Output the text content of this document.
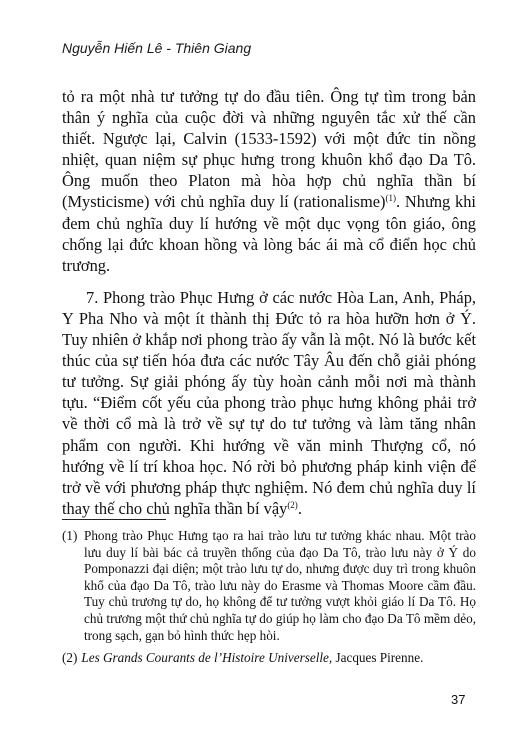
Nguyễn Hiến Lê - Thiên Giang

tỏ ra một nhà tư tưởng tự do đầu tiên. Ông tự tìm trong bản thân ý nghĩa của cuộc đời và những nguyên tắc xử thế cần thiết. Ngược lại, Calvin (1533-1592) với một đức tin nồng nhiệt, quan niệm sự phục hưng trong khuôn khổ đạo Da Tô. Ông muốn theo Platon mà hòa hợp chủ nghĩa thần bí (Mysticisme) với chủ nghĩa duy lí (rationalisme)$^{(1)}$. Nhưng khi đem chủ nghĩa duy lí hướng về một dục vọng tôn giáo, ông chống lại đức khoan hồng và lòng bác ái mà cổ điển học chủ trương.

7. Phong trào Phục Hưng ở các nước Hòa Lan, Anh, Pháp, Y Pha Nho và một ít thành thị Đức tỏ ra hòa hưỡn hơn ở Ý. Tuy nhiên ở khắp nơi phong trào ấy vẫn là một. Nó là bước kết thúc của sự tiến hóa đưa các nước Tây Âu đến chỗ giải phóng tư tưởng. Sự giải phóng ấy tùy hoàn cảnh mỗi nơi mà thành tựu. “Điểm cốt yếu của phong trào phục hưng không phải trở về thời cổ mà là trở về sự tự do tư tưởng và làm tăng nhân phẩm con người. Khi hướng về văn minh Thượng cổ, nó hướng về lí trí khoa học. Nó rời bỏ phương pháp kinh viện để trở về với phương pháp thực nghiệm. Nó đem chủ nghĩa duy lí thay thế cho chủ nghĩa thần bí vậy$^{(2)}$.

(1) Phong trào Phục Hưng tạo ra hai trào lưu tư tưởng khác nhau. Một trào lưu duy lí bài bác cả truyền thống của đạo Da Tô, trào lưu này ở Ý do Pomponazzi đại diện; một trào lưu tự do, nhưng được duy trì trong khuôn khổ của đạo Da Tô, trào lưu này do Erasme và Thomas Moore cầm đầu. Tuy chủ trương tự do, họ không để tư tưởng vượt khỏi giáo lí Da Tô. Họ chủ trương một thứ chủ nghĩa tự do giúp họ làm cho đạo Da Tô mềm dẻo, trong sạch, gạn bỏ hình thức hẹp hòi.
(2) Les Grands Courants de l’Histoire Universelle, Jacques Pirenne.
37
